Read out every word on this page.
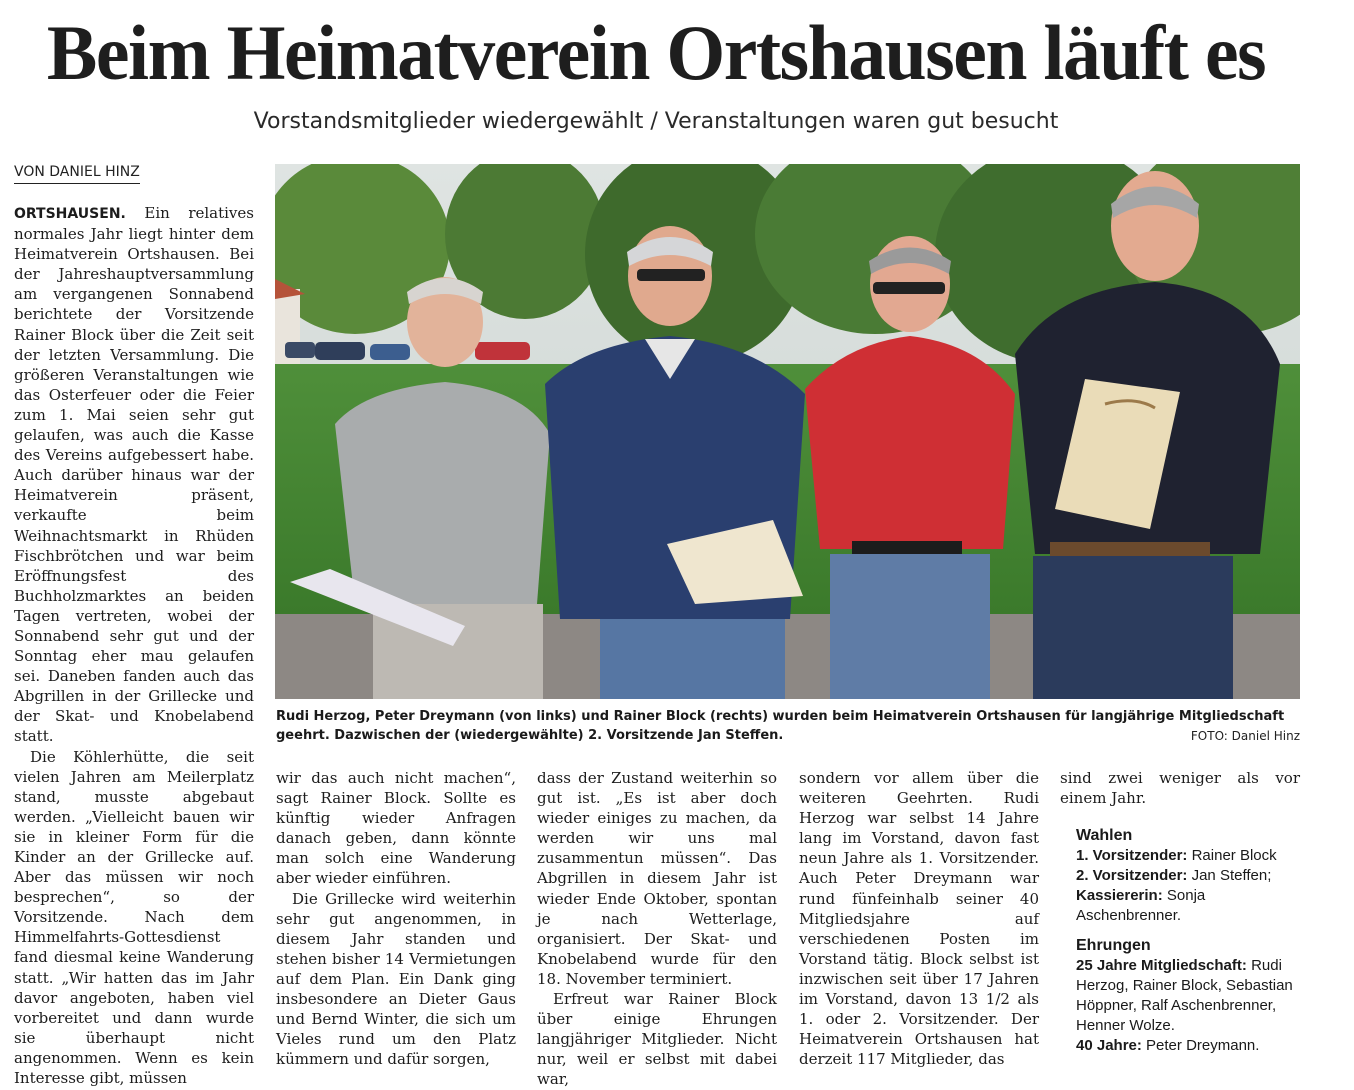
Beim Heimatverein Ortshausen läuft es
Vorstandsmitglieder wiedergewählt / Veranstaltungen waren gut besucht
VON DANIEL HINZ

ORTSHAUSEN. Ein relatives normales Jahr liegt hinter dem Heimatverein Ortshausen. Bei der Jahreshauptversammlung am vergangenen Sonnabend berichtete der Vorsitzende Rainer Block über die Zeit seit der letzten Versammlung. Die größeren Veranstaltungen wie das Osterfeuer oder die Feier zum 1. Mai seien sehr gut gelaufen, was auch die Kasse des Vereins aufgebessert habe. Auch darüber hinaus war der Heimatverein präsent, verkaufte beim Weihnachtsmarkt in Rhüden Fischbrötchen und war beim Eröffnungsfest des Buchholzmarktes an beiden Tagen vertreten, wobei der Sonnabend sehr gut und der Sonntag eher mau gelaufen sei. Daneben fanden auch das Abgrillen in der Grillecke und der Skat- und Knobelabend statt.

Die Köhlerhütte, die seit vielen Jahren am Meilerplatz stand, musste abgebaut werden. „Vielleicht bauen wir sie in kleiner Form für die Kinder an der Grillecke auf. Aber das müssen wir noch besprechen“, so der Vorsitzende. Nach dem Himmelfahrts-Gottesdienst fand diesmal keine Wanderung statt. „Wir hatten das im Jahr davor angeboten, haben viel vorbereitet und dann wurde sie überhaupt nicht angenommen. Wenn es kein Interesse gibt, müssen

Rudi Herzog, Peter Dreymann (von links) und Rainer Block (rechts) wurden beim Heimatverein Ortshausen für langjährige Mitgliedschaft geehrt. Dazwischen der (wiedergewählte) 2. Vorsitzende Jan Steffen.	FOTO: Daniel Hinz

wir das auch nicht machen“, sagt Rainer Block. Sollte es künftig wieder Anfragen danach geben, dann könnte man solch eine Wanderung aber wieder einführen.

Die Grillecke wird weiterhin sehr gut angenommen, in diesem Jahr standen und stehen bisher 14 Vermietungen auf dem Plan. Ein Dank ging insbesondere an Dieter Gaus und Bernd Winter, die sich um Vieles rund um den Platz kümmern und dafür sorgen,

dass der Zustand weiterhin so gut ist. „Es ist aber doch wieder einiges zu machen, da werden wir uns mal zusammentun müssen“. Das Abgrillen in diesem Jahr ist wieder Ende Oktober, spontan je nach Wetterlage, organisiert. Der Skat- und Knobelabend wurde für den 18. November terminiert.

Erfreut war Rainer Block über einige Ehrungen langjähriger Mitglieder. Nicht nur, weil er selbst mit dabei war,

sondern vor allem über die weiteren Geehrten. Rudi Herzog war selbst 14 Jahre lang im Vorstand, davon fast neun Jahre als 1. Vorsitzender. Auch Peter Dreymann war rund fünfeinhalb seiner 40 Mitgliedsjahre auf verschiedenen Posten im Vorstand tätig. Block selbst ist inzwischen seit über 17 Jahren im Vorstand, davon 13 1/2 als 1. oder 2. Vorsitzender. Der Heimatverein Ortshausen hat derzeit 117 Mitglieder, das

sind zwei weniger als vor einem Jahr.

Wahlen
1. Vorsitzender: Rainer Block
2. Vorsitzender: Jan Steffen;
Kassiererin: Sonja Aschenbrenner.
Ehrungen
25 Jahre Mitgliedschaft: Rudi Herzog, Rainer Block, Sebastian Höppner, Ralf Aschenbrenner, Henner Wolze.
40 Jahre: Peter Dreymann.
